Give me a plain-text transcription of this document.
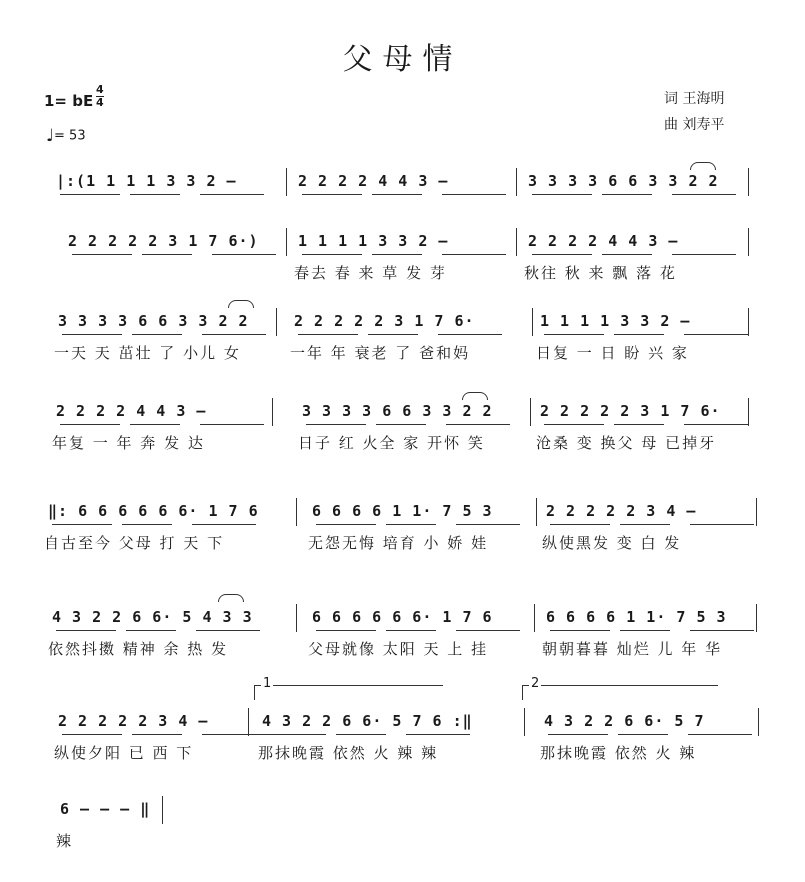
父母情
1= bE
4
4
♩= 53
词 王海明
曲 刘寿平
|:(1 1 1 1 3 3 2 –	2 2 2 2 4 4 3 –	3 3 3 3 6 6 3 3 2 2
2 2 2 2 2 3 1 7 6·)	1 1 1 1 3 3 2 –
春去 春 来 草 发 芽
2 2 2 2 4 4 3 –
秋往 秋 来 飘 落 花
3 3 3 3 6 6 3 3 2 2
一天 天 茁壮 了 小儿 女
2 2 2 2 2 3 1 7 6·
一年 年 衰老 了 爸和妈
1 1 1 1 3 3 2 –
日复 一 日 盼 兴 家
2 2 2 2 4 4 3 –
年复 一 年 奔 发 达
3 3 3 3 6 6 3 3 2 2
日子 红 火全 家 开怀 笑
2 2 2 2 2 3 1 7 6·
沧桑 变 换父 母 已掉牙
‖: 6 6 6 6 6 6· 1 7 6
自古至今 父母 打 天 下
6 6 6 6 1 1· 7 5 3
无怨无悔 培育 小 娇 娃
2 2 2 2 2 3 4 –
纵使黑发 变 白 发
4 3 2 2 6 6· 5 4 3 3
依然抖擞 精神 余 热 发
6 6 6 6 6 6· 1 7 6
父母就像 太阳 天 上 挂
6 6 6 6 1 1· 7 5 3
朝朝暮暮 灿烂 儿 年 华
2 2 2 2 2 3 4 –
纵使夕阳 已 西 下
4 3 2 2 6 6· 5 7 6 :‖
那抹晚霞 依然 火 辣 辣
4 3 2 2 6 6· 5 7
那抹晚霞 依然 火 辣
6 – – – ‖
辣
1	2
